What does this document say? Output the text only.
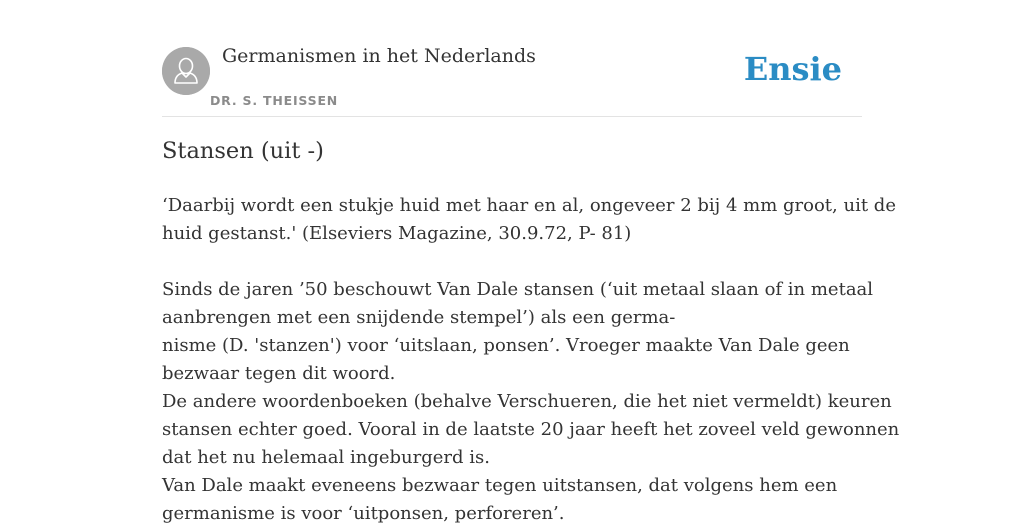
Germanismen in het Nederlands
DR. S. THEISSEN
Ensie
Stansen (uit -)
‘Daarbij wordt een stukje huid met haar en al, ongeveer 2 bij 4 mm groot, uit de
huid gestanst.' (Elseviers Magazine, 30.9.72, P- 81)
Sinds de jaren ’50 beschouwt Van Dale stansen (‘uit metaal slaan of in metaal
aanbrengen met een snijdende stempel’) als een germa-
nisme (D. 'stanzen') voor ‘uitslaan, ponsen’. Vroeger maakte Van Dale geen
bezwaar tegen dit woord.
De andere woordenboeken (behalve Verschueren, die het niet vermeldt) keuren
stansen echter goed. Vooral in de laatste 20 jaar heeft het zoveel veld gewonnen
dat het nu helemaal ingeburgerd is.
Van Dale maakt eveneens bezwaar tegen uitstansen, dat volgens hem een
germanisme is voor ‘uitponsen, perforeren’.
